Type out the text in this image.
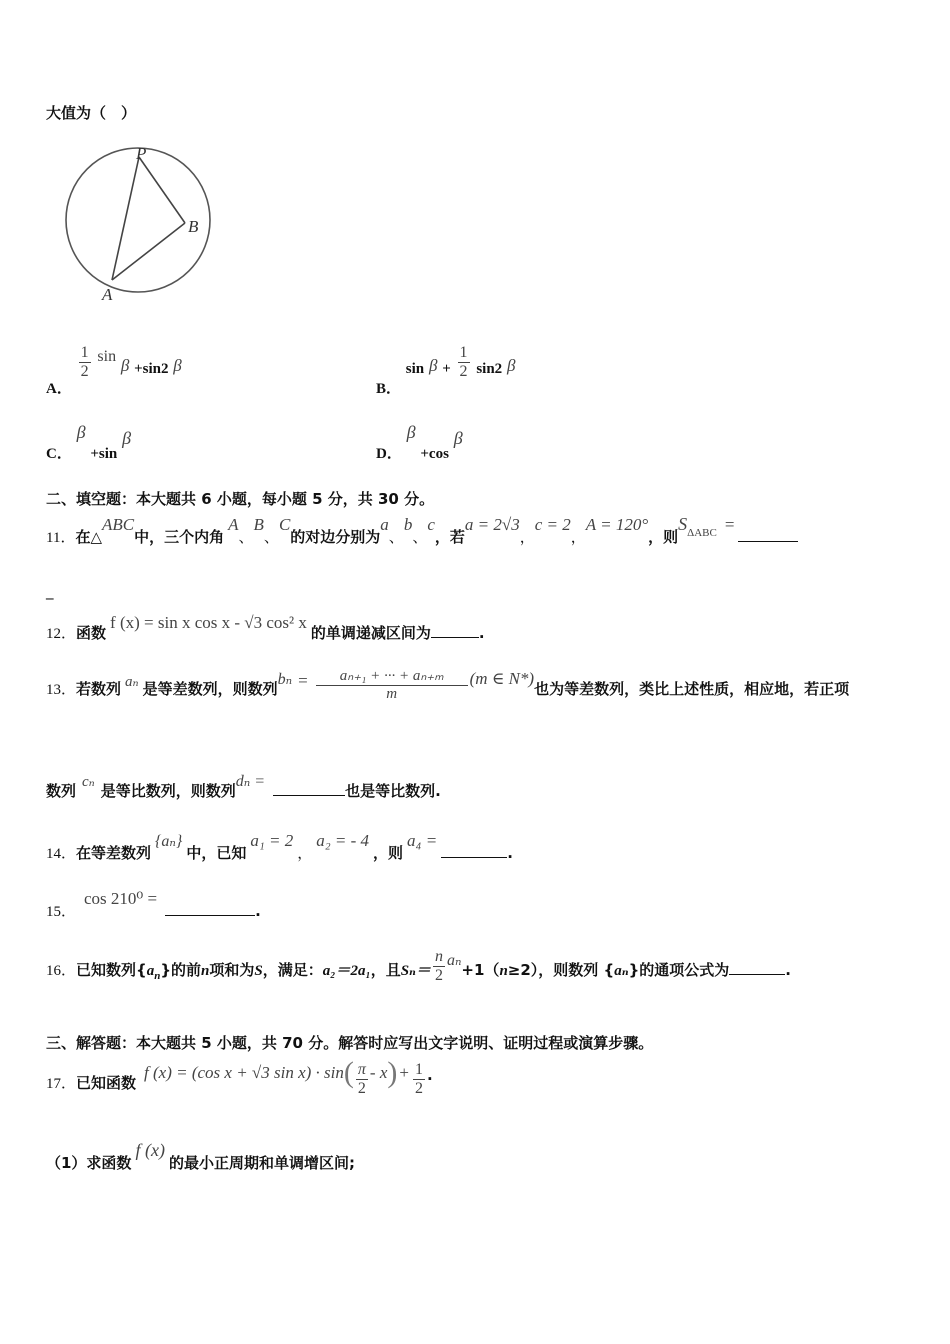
大值为（　）
P
B
A
A．
$\frac{1}{2}$ sin β +sin2 β
B． $\sin \beta + \frac{1}{2} \sin 2$ β
C． β +sin β
D． β +cos β
二、填空题：本大题共 6 小题，每小题 5 分，共 30 分。
11．在△ABC中，三个内角A、B、C的对边分别为a、b、c，若a = 2√3，c = 2，A = 120°，则$S_{\Delta ABC}$ =
_
12．函数f (x) = sin x cos x - √3 cos² x的单调递减区间为	.
13．若数列 aₙ 是等差数列，则数列$b_n = \frac{\text{aₙ₊₁ + ··· + aₙ₊ₘ}}{m} (m$ ∈ N*)也为等差数列，类比上述性质，相应地，若正项
数列 cₙ 是等比数列，则数列dₙ =也是等比数列.
14．在等差数列{aₙ}中，已知a₁ = 2，a₂ = - 4，则a₄ =.
15．cos 210⁰ =.
16．已知数列$\{a_n\}$的前n项和为S，满足：a₂＝2a₁，且$S_n= \frac{n}{2} a_n+1(n\ge 2)$，则数列 {aₙ}的通项公式为	.
三、解答题：本大题共 5 小题，共 70 分。解答时应写出文字说明、证明过程或演算步骤。
17．已知函数f (x) = (cos x + √3 $\sin x) \cdot \sin( \frac{\pi}{2} - x) + \frac{1}{2}$ .
（1）求函数f (x)的最小正周期和单调增区间;
